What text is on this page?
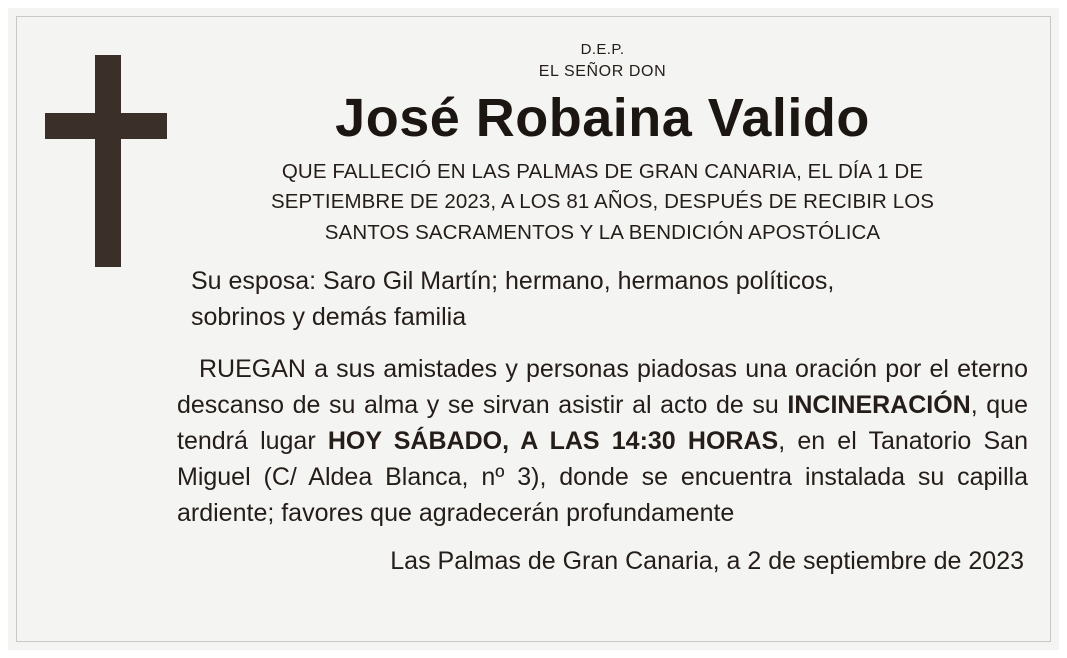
D.E.P.
EL SEÑOR DON
José Robaina Valido
QUE FALLECIÓ EN LAS PALMAS DE GRAN CANARIA, EL DÍA 1 DE
SEPTIEMBRE DE 2023, A LOS 81 AÑOS, DESPUÉS DE RECIBIR LOS
SANTOS SACRAMENTOS Y LA BENDICIÓN APOSTÓLICA
Su esposa: Saro Gil Martín; hermano, hermanos políticos,
sobrinos y demás familia
RUEGAN a sus amistades y personas piadosas una oración por el eterno descanso de su alma y se sirvan asistir al acto de su INCINERACIÓN, que tendrá lugar HOY SÁBADO, A LAS 14:30 HORAS, en el Tanatorio San Miguel (C/ Aldea Blanca, nº 3), donde se encuentra instalada su capilla ardiente; favores que agradecerán profundamente
Las Palmas de Gran Canaria, a 2 de septiembre de 2023
